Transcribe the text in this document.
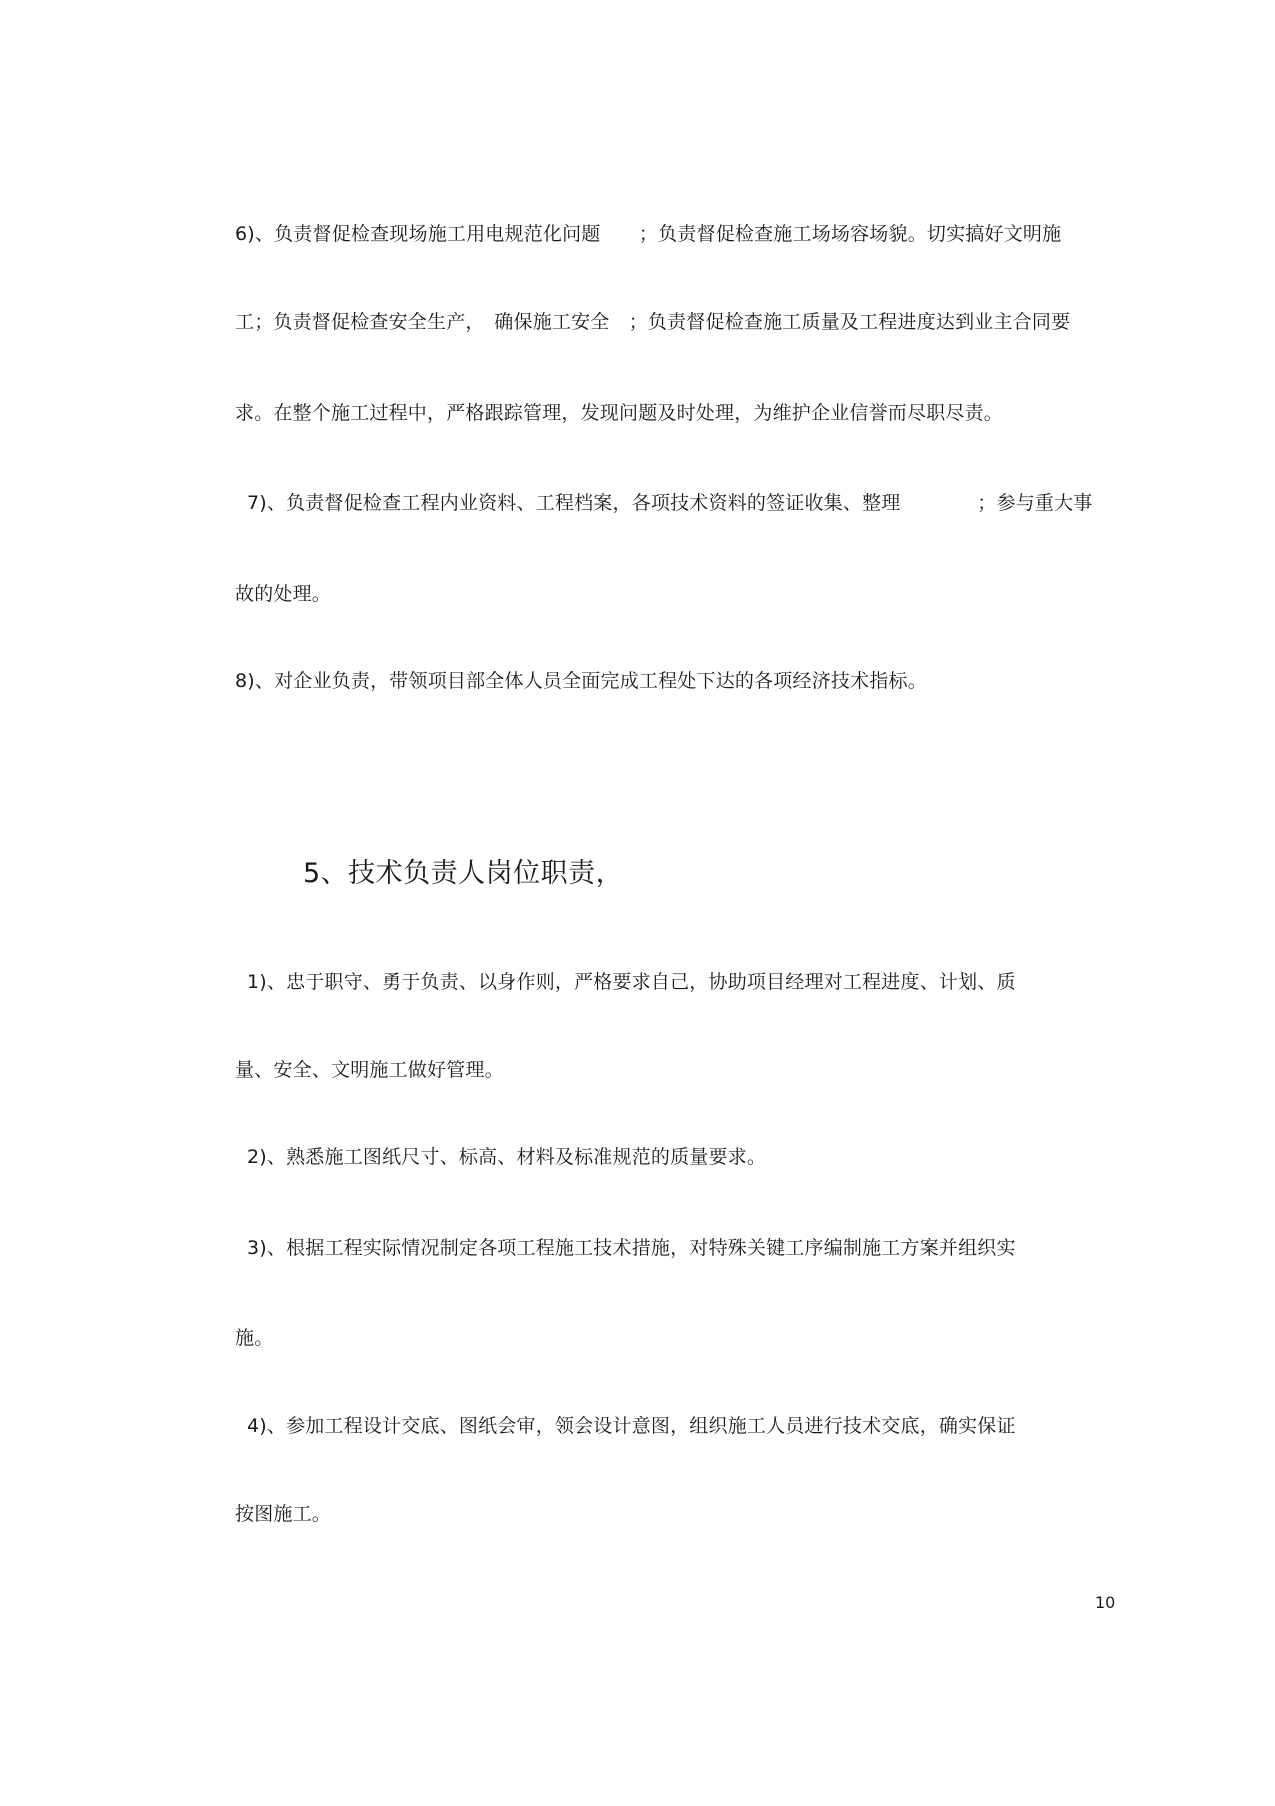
6)、负责督促检查现场施工用电规范化问题　　；负责督促检查施工场场容场貌。切实搞好文明施
工；负责督促检查安全生产，　确保施工安全　；负责督促检查施工质量及工程进度达到业主合同要
求。在整个施工过程中，严格跟踪管理，发现问题及时处理，为维护企业信誉而尽职尽责。
7)、负责督促检查工程内业资料、工程档案，各项技术资料的签证收集、整理　　　　；参与重大事
故的处理。
8)、对企业负责，带领项目部全体人员全面完成工程处下达的各项经济技术指标。
5、技术负责人岗位职责，
1)、忠于职守、勇于负责、以身作则，严格要求自己，协助项目经理对工程进度、计划、质
量、安全、文明施工做好管理。
2)、熟悉施工图纸尺寸、标高、材料及标准规范的质量要求。
3)、根据工程实际情况制定各项工程施工技术措施，对特殊关键工序编制施工方案并组织实
施。
4)、参加工程设计交底、图纸会审，领会设计意图，组织施工人员进行技术交底，确实保证
按图施工。
10
